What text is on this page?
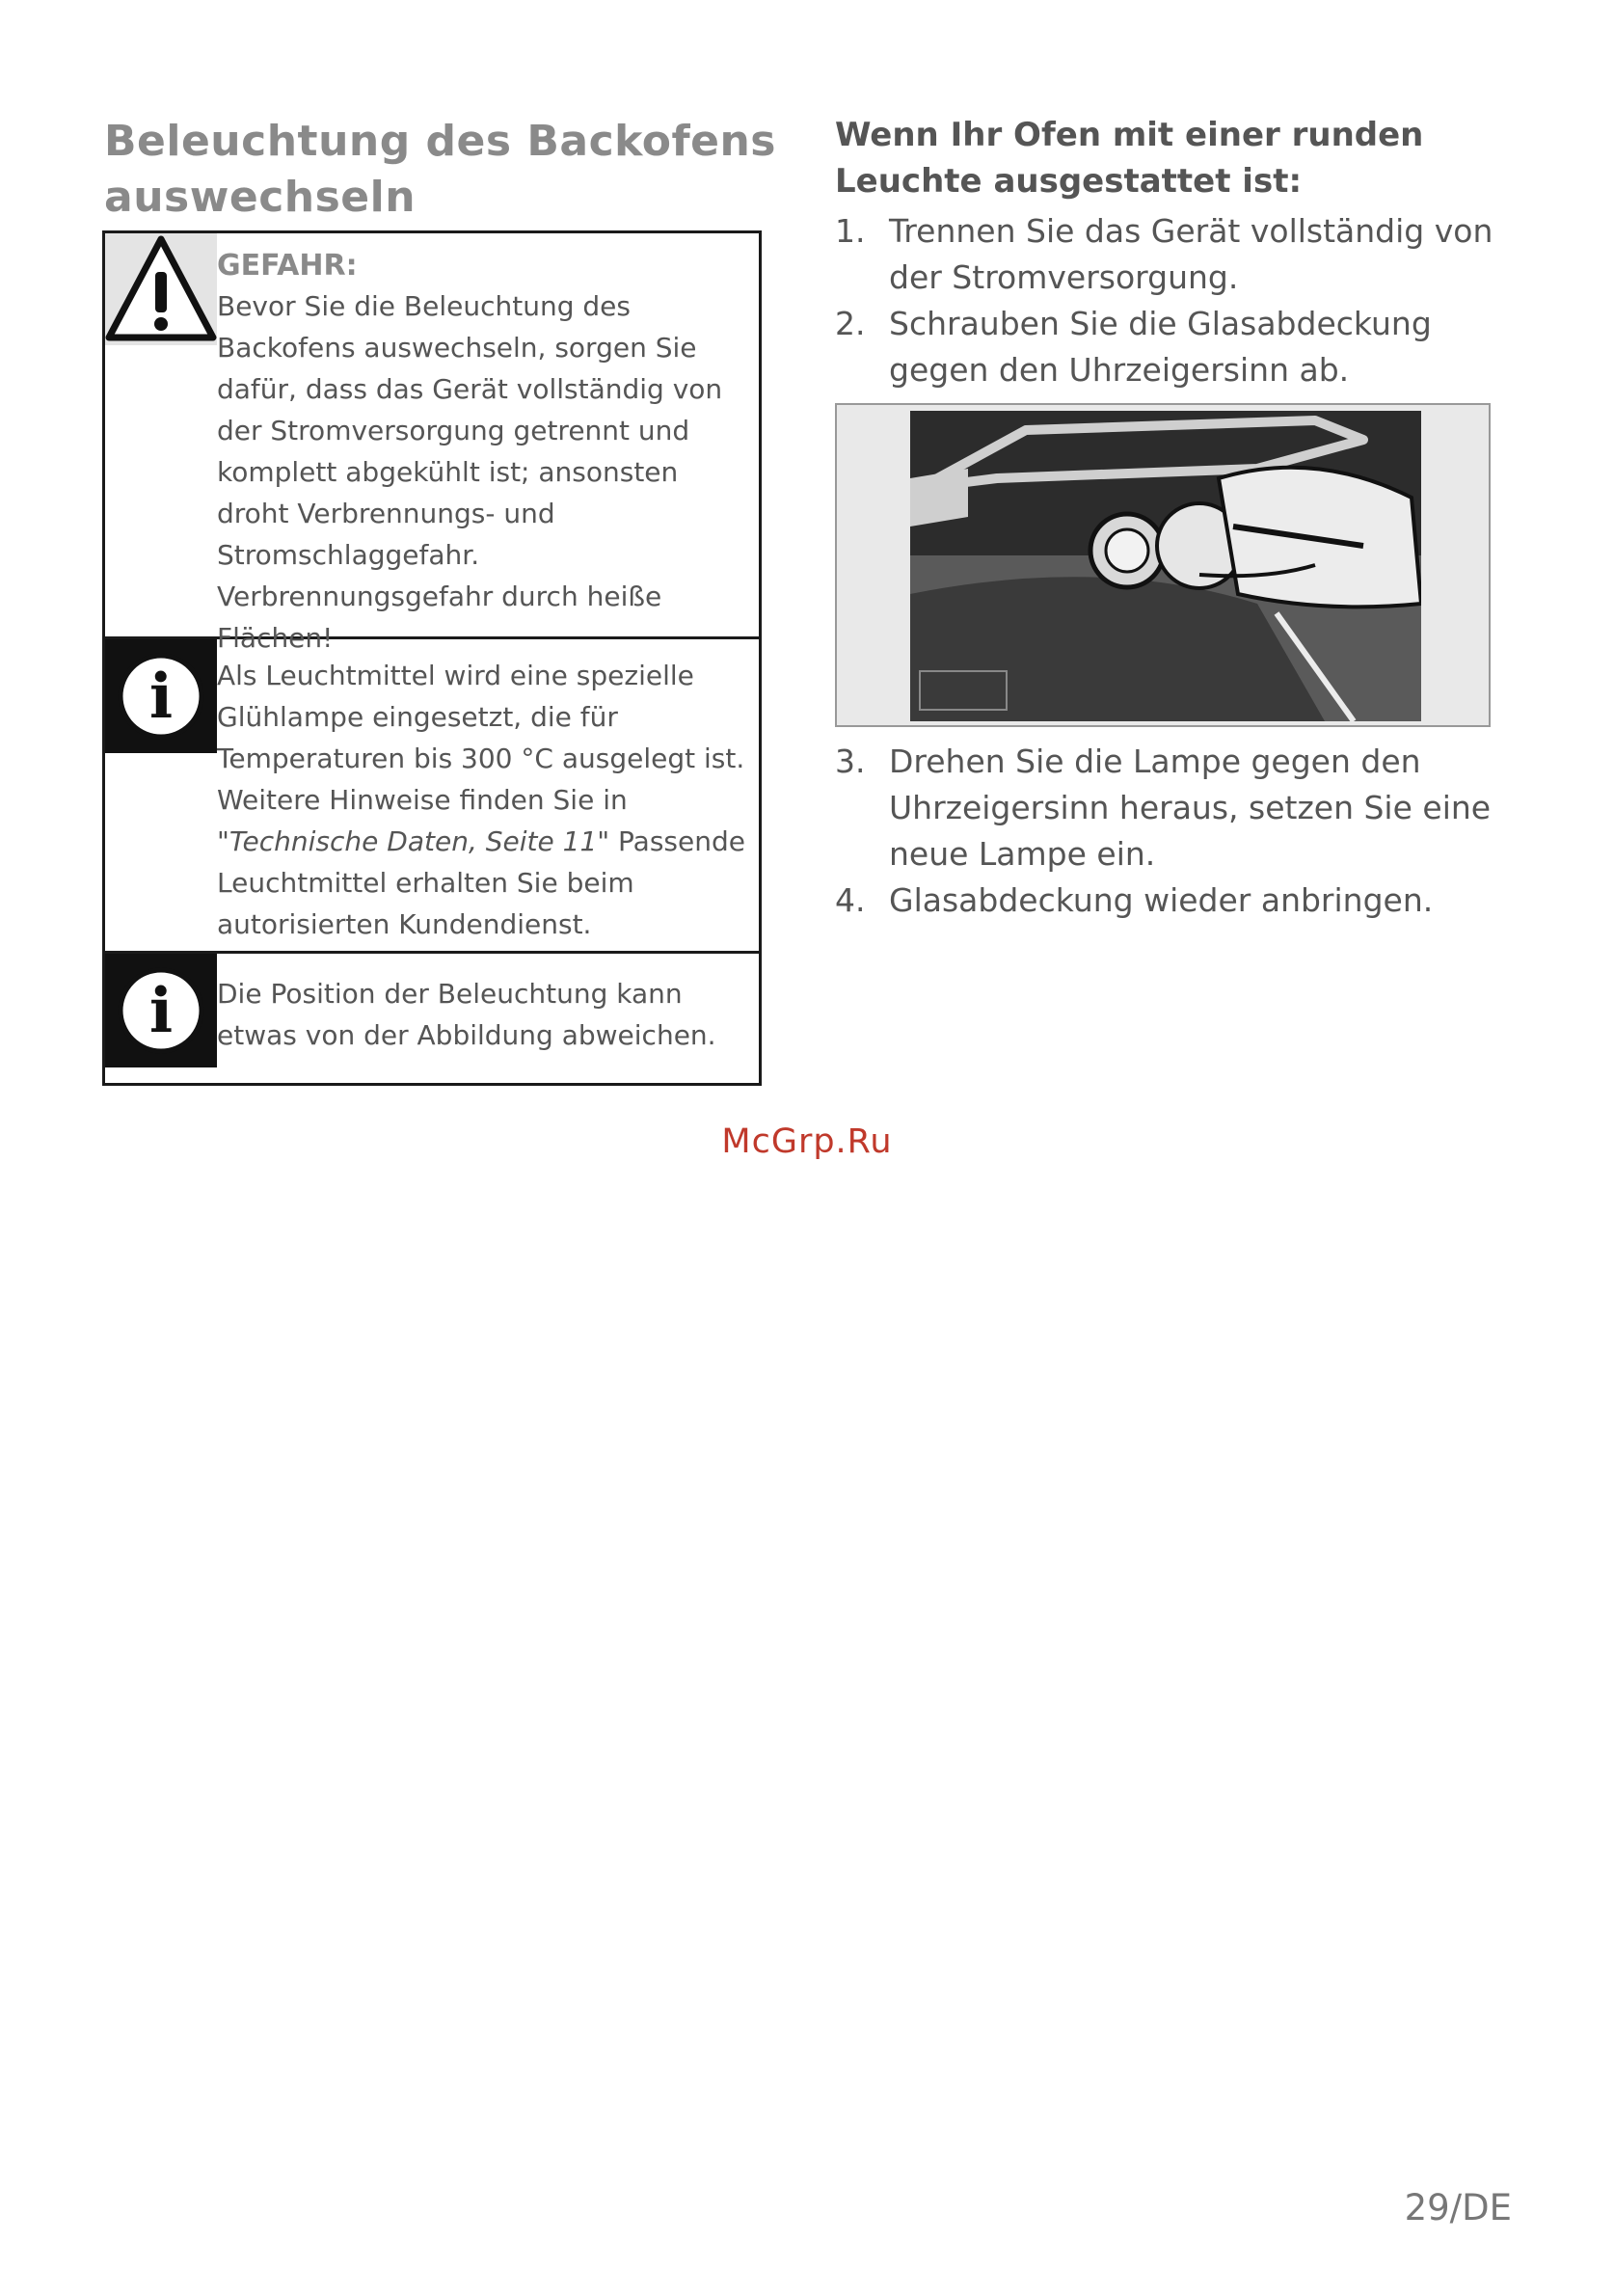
Beleuchtung des Backofens
auswechseln
GEFAHR:
Bevor Sie die Beleuchtung des Backofens auswechseln, sorgen Sie dafür, dass das Gerät vollständig von der Stromversorgung getrennt und komplett abgekühlt ist; ansonsten droht Verbrennungs- und Stromschlaggefahr. Verbrennungsgefahr durch heiße Flächen!
i Als Leuchtmittel wird eine spezielle Glühlampe eingesetzt, die für Temperaturen bis 300 °C ausgelegt ist. Weitere Hinweise finden Sie in "Technische Daten, Seite 11" Passende Leuchtmittel erhalten Sie beim autorisierten Kundendienst.
i Die Position der Beleuchtung kann etwas von der Abbildung abweichen.
Wenn Ihr Ofen mit einer runden Leuchte ausgestattet ist:
1. Trennen Sie das Gerät vollständig von der Stromversorgung.
2. Schrauben Sie die Glasabdeckung gegen den Uhrzeigersinn ab.
3. Drehen Sie die Lampe gegen den Uhrzeigersinn heraus, setzen Sie eine neue Lampe ein.
4. Glasabdeckung wieder anbringen.
McGrp.Ru
29/DE
